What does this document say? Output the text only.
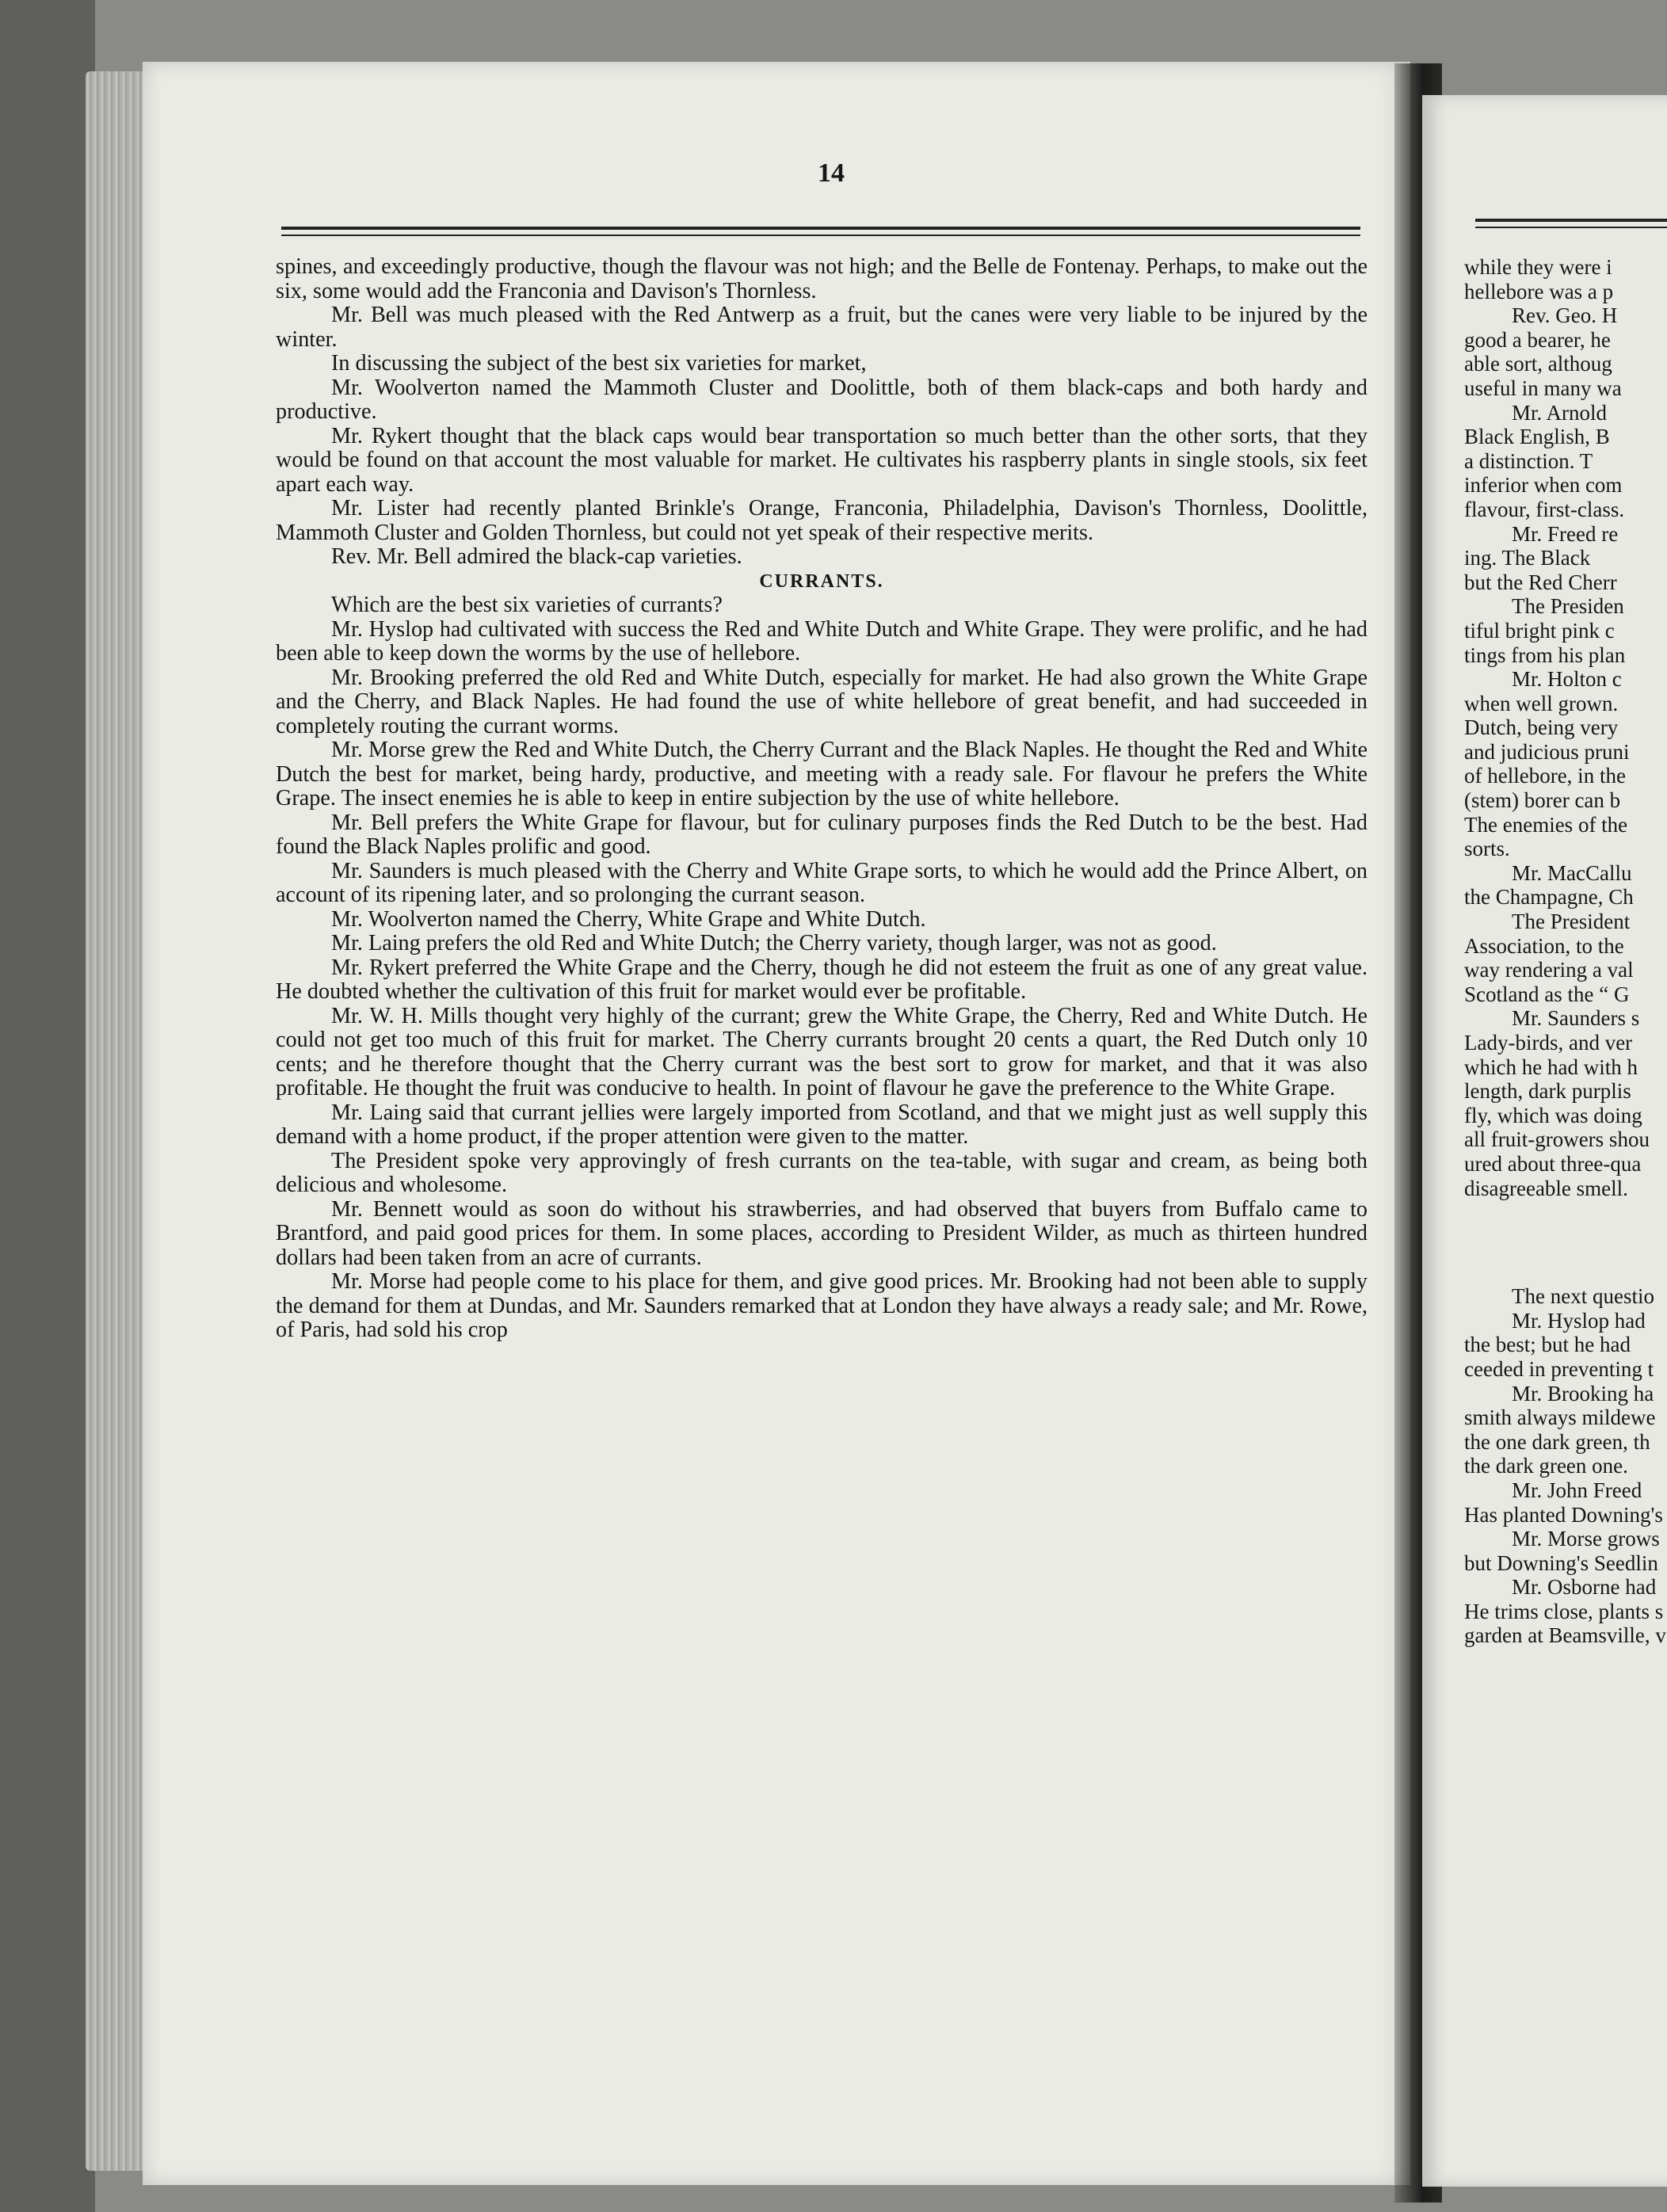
14

spines, and exceedingly productive, though the flavour was not high; and the Belle de Fontenay. Perhaps, to make out the six, some would add the Franconia and Davison's Thornless.

Mr. Bell was much pleased with the Red Antwerp as a fruit, but the canes were very liable to be injured by the winter.

In discussing the subject of the best six varieties for market,

Mr. Woolverton named the Mammoth Cluster and Doolittle, both of them black-caps and both hardy and productive.

Mr. Rykert thought that the black caps would bear transportation so much better than the other sorts, that they would be found on that account the most valuable for market. He cultivates his raspberry plants in single stools, six feet apart each way.

Mr. Lister had recently planted Brinkle's Orange, Franconia, Philadelphia, Davison's Thornless, Doolittle, Mammoth Cluster and Golden Thornless, but could not yet speak of their respective merits.

Rev. Mr. Bell admired the black-cap varieties.

CURRANTS.

Which are the best six varieties of currants?

Mr. Hyslop had cultivated with success the Red and White Dutch and White Grape. They were prolific, and he had been able to keep down the worms by the use of hellebore.

Mr. Brooking preferred the old Red and White Dutch, especially for market. He had also grown the White Grape and the Cherry, and Black Naples. He had found the use of white hellebore of great benefit, and had succeeded in completely routing the currant worms.

Mr. Morse grew the Red and White Dutch, the Cherry Currant and the Black Naples. He thought the Red and White Dutch the best for market, being hardy, productive, and meeting with a ready sale. For flavour he prefers the White Grape. The insect enemies he is able to keep in entire subjection by the use of white hellebore.

Mr. Bell prefers the White Grape for flavour, but for culinary purposes finds the Red Dutch to be the best. Had found the Black Naples prolific and good.

Mr. Saunders is much pleased with the Cherry and White Grape sorts, to which he would add the Prince Albert, on account of its ripening later, and so prolonging the currant season.

Mr. Woolverton named the Cherry, White Grape and White Dutch.

Mr. Laing prefers the old Red and White Dutch; the Cherry variety, though larger, was not as good.

Mr. Rykert preferred the White Grape and the Cherry, though he did not esteem the fruit as one of any great value. He doubted whether the cultivation of this fruit for market would ever be profitable.

Mr. W. H. Mills thought very highly of the currant; grew the White Grape, the Cherry, Red and White Dutch. He could not get too much of this fruit for market. The Cherry currants brought 20 cents a quart, the Red Dutch only 10 cents; and he therefore thought that the Cherry currant was the best sort to grow for market, and that it was also profitable. He thought the fruit was conducive to health. In point of flavour he gave the preference to the White Grape.

Mr. Laing said that currant jellies were largely imported from Scotland, and that we might just as well supply this demand with a home product, if the proper attention were given to the matter.

The President spoke very approvingly of fresh currants on the tea-table, with sugar and cream, as being both delicious and wholesome.

Mr. Bennett would as soon do without his strawberries, and had observed that buyers from Buffalo came to Brantford, and paid good prices for them. In some places, according to President Wilder, as much as thirteen hundred dollars had been taken from an acre of currants.

Mr. Morse had people come to his place for them, and give good prices. Mr. Brooking had not been able to supply the demand for them at Dundas, and Mr. Saunders remarked that at London they have always a ready sale; and Mr. Rowe, of Paris, had sold his crop

while they were i
hellebore was a p
Rev. Geo. H
good a bearer, he
able sort, althoug
useful in many wa
Mr. Arnold
Black English, B
a distinction. T
inferior when com
flavour, first-class.
Mr. Freed re
ing. The Black
but the Red Cherr
The Presiden
tiful bright pink c
tings from his plan
Mr. Holton c
when well grown.
Dutch, being very
and judicious pruni
of hellebore, in the
(stem) borer can b
The enemies of the
sorts.
Mr. MacCallu
the Champagne, Ch
The President
Association, to the
way rendering a val
Scotland as the “ G
Mr. Saunders s
Lady-birds, and ver
which he had with h
length, dark purplis
fly, which was doing
all fruit-growers shou
ured about three-qua
disagreeable smell.
The next questio
Mr. Hyslop had
the best; but he had
ceeded in preventing t
Mr. Brooking ha
smith always mildewe
the one dark green, th
the dark green one.
Mr. John Freed
Has planted Downing's
Mr. Morse grows
but Downing's Seedlin
Mr. Osborne had
He trims close, plants s
garden at Beamsville, v
